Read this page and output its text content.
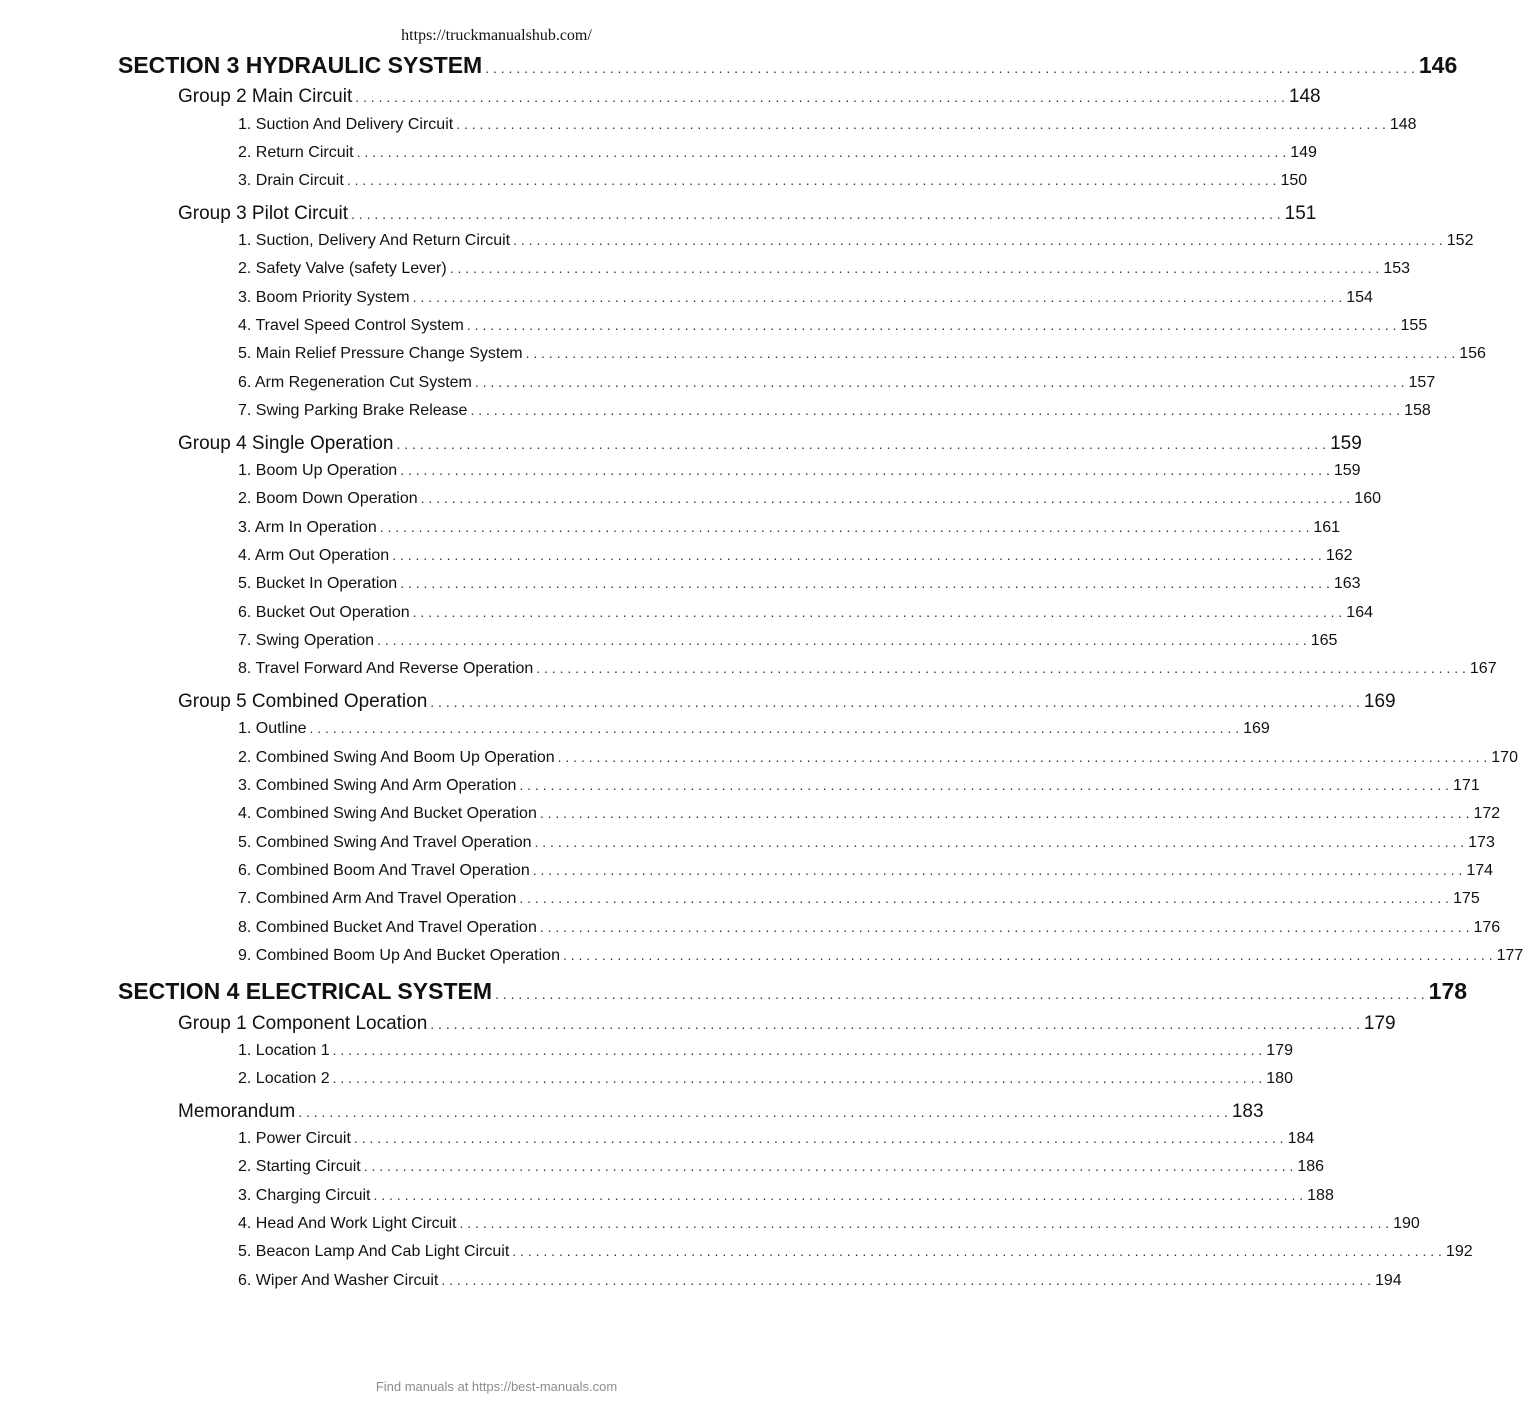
https://truckmanualshub.com/
SECTION 3 HYDRAULIC SYSTEM . . . . . . . . . . . . . . . . . . . . . . . . . . . . . . . . . . . . . . . . . . . . . . . . . . . . . . . . . . . . . . . . . . . . . . . . . . . . . . . . . . . . . . . . . . . . . . . . . . . . . . . . . . . . . . . . . . . . . . . . 146
Group 2 Main Circuit . . . . . . . . . . . . . . . . . . . . . . . . . . . . . . . . . . . . . . . . . . . . . . . . . . . . . . . . . . . . . . . . . . . . . . . . . . . . . . . . . . . . . . . . . . . . . . . . . . . . . . . . . . . . . . . . . . . . . . . . 148
1. Suction And Delivery Circuit . . . . . . . . . . . . . . . . . . . . . . . . . . . . . . . . . . . . . . . . . . . . . . . . . . . . . . . . . . . . . . . . . . . . . . . . . . . . . . . . . . . . . . . . . . . . . . . . . . . . . . . . . . . . . . . . . . . . . . . . 148
2. Return Circuit . . . . . . . . . . . . . . . . . . . . . . . . . . . . . . . . . . . . . . . . . . . . . . . . . . . . . . . . . . . . . . . . . . . . . . . . . . . . . . . . . . . . . . . . . . . . . . . . . . . . . . . . . . . . . . . . . . . . . . . . 149
3. Drain Circuit . . . . . . . . . . . . . . . . . . . . . . . . . . . . . . . . . . . . . . . . . . . . . . . . . . . . . . . . . . . . . . . . . . . . . . . . . . . . . . . . . . . . . . . . . . . . . . . . . . . . . . . . . . . . . . . . . . . . . . . . 150
Group 3 Pilot Circuit . . . . . . . . . . . . . . . . . . . . . . . . . . . . . . . . . . . . . . . . . . . . . . . . . . . . . . . . . . . . . . . . . . . . . . . . . . . . . . . . . . . . . . . . . . . . . . . . . . . . . . . . . . . . . . . . . . . . . . . . 151
1. Suction, Delivery And Return Circuit . . . . . . . . . . . . . . . . . . . . . . . . . . . . . . . . . . . . . . . . . . . . . . . . . . . . . . . . . . . . . . . . . . . . . . . . . . . . . . . . . . . . . . . . . . . . . . . . . . . . . . . . . . . . . . . . . . . . . . . . 152
2. Safety Valve (safety Lever) . . . . . . . . . . . . . . . . . . . . . . . . . . . . . . . . . . . . . . . . . . . . . . . . . . . . . . . . . . . . . . . . . . . . . . . . . . . . . . . . . . . . . . . . . . . . . . . . . . . . . . . . . . . . . . . . . . . . . . . . 153
3. Boom Priority System . . . . . . . . . . . . . . . . . . . . . . . . . . . . . . . . . . . . . . . . . . . . . . . . . . . . . . . . . . . . . . . . . . . . . . . . . . . . . . . . . . . . . . . . . . . . . . . . . . . . . . . . . . . . . . . . . . . . . . . . 154
4. Travel Speed Control System . . . . . . . . . . . . . . . . . . . . . . . . . . . . . . . . . . . . . . . . . . . . . . . . . . . . . . . . . . . . . . . . . . . . . . . . . . . . . . . . . . . . . . . . . . . . . . . . . . . . . . . . . . . . . . . . . . . . . . . . 155
5. Main Relief Pressure Change System . . . . . . . . . . . . . . . . . . . . . . . . . . . . . . . . . . . . . . . . . . . . . . . . . . . . . . . . . . . . . . . . . . . . . . . . . . . . . . . . . . . . . . . . . . . . . . . . . . . . . . . . . . . . . . . . . . . . . . . . 156
6. Arm Regeneration Cut System . . . . . . . . . . . . . . . . . . . . . . . . . . . . . . . . . . . . . . . . . . . . . . . . . . . . . . . . . . . . . . . . . . . . . . . . . . . . . . . . . . . . . . . . . . . . . . . . . . . . . . . . . . . . . . . . . . . . . . . . 157
7. Swing Parking Brake Release . . . . . . . . . . . . . . . . . . . . . . . . . . . . . . . . . . . . . . . . . . . . . . . . . . . . . . . . . . . . . . . . . . . . . . . . . . . . . . . . . . . . . . . . . . . . . . . . . . . . . . . . . . . . . . . . . . . . . . . . 158
Group 4 Single Operation . . . . . . . . . . . . . . . . . . . . . . . . . . . . . . . . . . . . . . . . . . . . . . . . . . . . . . . . . . . . . . . . . . . . . . . . . . . . . . . . . . . . . . . . . . . . . . . . . . . . . . . . . . . . . . . . . . . . . . . . 159
1. Boom Up Operation . . . . . . . . . . . . . . . . . . . . . . . . . . . . . . . . . . . . . . . . . . . . . . . . . . . . . . . . . . . . . . . . . . . . . . . . . . . . . . . . . . . . . . . . . . . . . . . . . . . . . . . . . . . . . . . . . . . . . . . . 159
2. Boom Down Operation . . . . . . . . . . . . . . . . . . . . . . . . . . . . . . . . . . . . . . . . . . . . . . . . . . . . . . . . . . . . . . . . . . . . . . . . . . . . . . . . . . . . . . . . . . . . . . . . . . . . . . . . . . . . . . . . . . . . . . . . 160
3. Arm In Operation . . . . . . . . . . . . . . . . . . . . . . . . . . . . . . . . . . . . . . . . . . . . . . . . . . . . . . . . . . . . . . . . . . . . . . . . . . . . . . . . . . . . . . . . . . . . . . . . . . . . . . . . . . . . . . . . . . . . . . . . 161
4. Arm Out Operation . . . . . . . . . . . . . . . . . . . . . . . . . . . . . . . . . . . . . . . . . . . . . . . . . . . . . . . . . . . . . . . . . . . . . . . . . . . . . . . . . . . . . . . . . . . . . . . . . . . . . . . . . . . . . . . . . . . . . . . . 162
5. Bucket In Operation . . . . . . . . . . . . . . . . . . . . . . . . . . . . . . . . . . . . . . . . . . . . . . . . . . . . . . . . . . . . . . . . . . . . . . . . . . . . . . . . . . . . . . . . . . . . . . . . . . . . . . . . . . . . . . . . . . . . . . . . 163
6. Bucket Out Operation . . . . . . . . . . . . . . . . . . . . . . . . . . . . . . . . . . . . . . . . . . . . . . . . . . . . . . . . . . . . . . . . . . . . . . . . . . . . . . . . . . . . . . . . . . . . . . . . . . . . . . . . . . . . . . . . . . . . . . . . 164
7. Swing Operation . . . . . . . . . . . . . . . . . . . . . . . . . . . . . . . . . . . . . . . . . . . . . . . . . . . . . . . . . . . . . . . . . . . . . . . . . . . . . . . . . . . . . . . . . . . . . . . . . . . . . . . . . . . . . . . . . . . . . . . . 165
8. Travel Forward And Reverse Operation . . . . . . . . . . . . . . . . . . . . . . . . . . . . . . . . . . . . . . . . . . . . . . . . . . . . . . . . . . . . . . . . . . . . . . . . . . . . . . . . . . . . . . . . . . . . . . . . . . . . . . . . . . . . . . . . . . . . . . . . 167
Group 5 Combined Operation . . . . . . . . . . . . . . . . . . . . . . . . . . . . . . . . . . . . . . . . . . . . . . . . . . . . . . . . . . . . . . . . . . . . . . . . . . . . . . . . . . . . . . . . . . . . . . . . . . . . . . . . . . . . . . . . . . . . . . . . 169
1. Outline . . . . . . . . . . . . . . . . . . . . . . . . . . . . . . . . . . . . . . . . . . . . . . . . . . . . . . . . . . . . . . . . . . . . . . . . . . . . . . . . . . . . . . . . . . . . . . . . . . . . . . . . . . . . . . . . . . . . . . . . 169
2. Combined Swing And Boom Up Operation . . . . . . . . . . . . . . . . . . . . . . . . . . . . . . . . . . . . . . . . . . . . . . . . . . . . . . . . . . . . . . . . . . . . . . . . . . . . . . . . . . . . . . . . . . . . . . . . . . . . . . . . . . . . . . . . . . . . . . . . 170
3. Combined Swing And Arm Operation . . . . . . . . . . . . . . . . . . . . . . . . . . . . . . . . . . . . . . . . . . . . . . . . . . . . . . . . . . . . . . . . . . . . . . . . . . . . . . . . . . . . . . . . . . . . . . . . . . . . . . . . . . . . . . . . . . . . . . . . 171
4. Combined Swing And Bucket Operation . . . . . . . . . . . . . . . . . . . . . . . . . . . . . . . . . . . . . . . . . . . . . . . . . . . . . . . . . . . . . . . . . . . . . . . . . . . . . . . . . . . . . . . . . . . . . . . . . . . . . . . . . . . . . . . . . . . . . . . . 172
5. Combined Swing And Travel Operation . . . . . . . . . . . . . . . . . . . . . . . . . . . . . . . . . . . . . . . . . . . . . . . . . . . . . . . . . . . . . . . . . . . . . . . . . . . . . . . . . . . . . . . . . . . . . . . . . . . . . . . . . . . . . . . . . . . . . . . . 173
6. Combined Boom And Travel Operation . . . . . . . . . . . . . . . . . . . . . . . . . . . . . . . . . . . . . . . . . . . . . . . . . . . . . . . . . . . . . . . . . . . . . . . . . . . . . . . . . . . . . . . . . . . . . . . . . . . . . . . . . . . . . . . . . . . . . . . . 174
7. Combined Arm And Travel Operation . . . . . . . . . . . . . . . . . . . . . . . . . . . . . . . . . . . . . . . . . . . . . . . . . . . . . . . . . . . . . . . . . . . . . . . . . . . . . . . . . . . . . . . . . . . . . . . . . . . . . . . . . . . . . . . . . . . . . . . . 175
8. Combined Bucket And Travel Operation . . . . . . . . . . . . . . . . . . . . . . . . . . . . . . . . . . . . . . . . . . . . . . . . . . . . . . . . . . . . . . . . . . . . . . . . . . . . . . . . . . . . . . . . . . . . . . . . . . . . . . . . . . . . . . . . . . . . . . . . 176
9. Combined Boom Up And Bucket Operation . . . . . . . . . . . . . . . . . . . . . . . . . . . . . . . . . . . . . . . . . . . . . . . . . . . . . . . . . . . . . . . . . . . . . . . . . . . . . . . . . . . . . . . . . . . . . . . . . . . . . . . . . . . . . . . . . . . . . . . . 177
SECTION 4 ELECTRICAL SYSTEM . . . . . . . . . . . . . . . . . . . . . . . . . . . . . . . . . . . . . . . . . . . . . . . . . . . . . . . . . . . . . . . . . . . . . . . . . . . . . . . . . . . . . . . . . . . . . . . . . . . . . . . . . . . . . . . . . . . . . . . . 178
Group 1 Component Location . . . . . . . . . . . . . . . . . . . . . . . . . . . . . . . . . . . . . . . . . . . . . . . . . . . . . . . . . . . . . . . . . . . . . . . . . . . . . . . . . . . . . . . . . . . . . . . . . . . . . . . . . . . . . . . . . . . . . . . . 179
1. Location 1 . . . . . . . . . . . . . . . . . . . . . . . . . . . . . . . . . . . . . . . . . . . . . . . . . . . . . . . . . . . . . . . . . . . . . . . . . . . . . . . . . . . . . . . . . . . . . . . . . . . . . . . . . . . . . . . . . . . . . . . . 179
2. Location 2 . . . . . . . . . . . . . . . . . . . . . . . . . . . . . . . . . . . . . . . . . . . . . . . . . . . . . . . . . . . . . . . . . . . . . . . . . . . . . . . . . . . . . . . . . . . . . . . . . . . . . . . . . . . . . . . . . . . . . . . . 180
Memorandum . . . . . . . . . . . . . . . . . . . . . . . . . . . . . . . . . . . . . . . . . . . . . . . . . . . . . . . . . . . . . . . . . . . . . . . . . . . . . . . . . . . . . . . . . . . . . . . . . . . . . . . . . . . . . . . . . . . . . . . . 183
1. Power Circuit . . . . . . . . . . . . . . . . . . . . . . . . . . . . . . . . . . . . . . . . . . . . . . . . . . . . . . . . . . . . . . . . . . . . . . . . . . . . . . . . . . . . . . . . . . . . . . . . . . . . . . . . . . . . . . . . . . . . . . . . 184
2. Starting Circuit . . . . . . . . . . . . . . . . . . . . . . . . . . . . . . . . . . . . . . . . . . . . . . . . . . . . . . . . . . . . . . . . . . . . . . . . . . . . . . . . . . . . . . . . . . . . . . . . . . . . . . . . . . . . . . . . . . . . . . . . 186
3. Charging Circuit . . . . . . . . . . . . . . . . . . . . . . . . . . . . . . . . . . . . . . . . . . . . . . . . . . . . . . . . . . . . . . . . . . . . . . . . . . . . . . . . . . . . . . . . . . . . . . . . . . . . . . . . . . . . . . . . . . . . . . . . 188
4. Head And Work Light Circuit . . . . . . . . . . . . . . . . . . . . . . . . . . . . . . . . . . . . . . . . . . . . . . . . . . . . . . . . . . . . . . . . . . . . . . . . . . . . . . . . . . . . . . . . . . . . . . . . . . . . . . . . . . . . . . . . . . . . . . . . 190
5. Beacon Lamp And Cab Light Circuit . . . . . . . . . . . . . . . . . . . . . . . . . . . . . . . . . . . . . . . . . . . . . . . . . . . . . . . . . . . . . . . . . . . . . . . . . . . . . . . . . . . . . . . . . . . . . . . . . . . . . . . . . . . . . . . . . . . . . . . . 192
6. Wiper And Washer Circuit . . . . . . . . . . . . . . . . . . . . . . . . . . . . . . . . . . . . . . . . . . . . . . . . . . . . . . . . . . . . . . . . . . . . . . . . . . . . . . . . . . . . . . . . . . . . . . . . . . . . . . . . . . . . . . . . . . . . . . . . 194
Find manuals at https://best-manuals.com
